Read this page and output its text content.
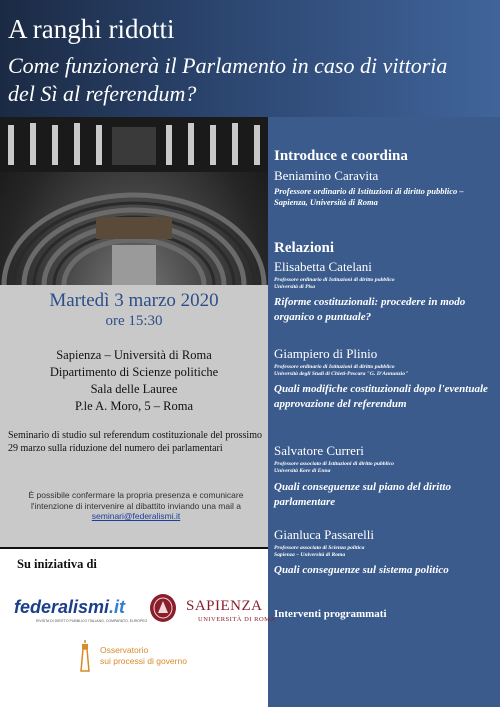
A ranghi ridotti
Come funzionerà il Parlamento in caso di vittoria del Sì al referendum?
Martedì 3 marzo 2020
ore 15:30
Sapienza – Università di Roma
Dipartimento di Scienze politiche
Sala delle Lauree
P.le A. Moro, 5 – Roma
Seminario di studio sul referendum costituzionale del prossimo 29 marzo sulla riduzione del numero dei parlamentari
È possibile confermare la propria presenza e comunicare l'intenzione di intervenire al dibattito inviando una mail a
seminari@federalismi.it
Su iniziativa di
federalismi.it
RIVISTA DI DIRITTO PUBBLICO ITALIANO, COMPARATO, EUROPEO
SAPIENZA
UNIVERSITÀ DI ROMA
Osservatorio
sui processi di governo
Introduce e coordina
Beniamino Caravita
Professore ordinario di Istituzioni di diritto pubblico – Sapienza, Università di Roma
Relazioni
Elisabetta Catelani
Professore ordinario di Istituzioni di diritto pubblico
Università di Pisa
Riforme costituzionali: procedere in modo organico o puntuale?
Giampiero di Plinio
Professore ordinario di Istituzioni di diritto pubblico
Università degli Studi di Chieti-Pescara "G. D'Annunzio"
Quali modifiche costituzionali dopo l'eventuale approvazione del referendum
Salvatore Curreri
Professore associato di Istituzioni di diritto pubblico
Università Kore di Enna
Quali conseguenze sul piano del diritto parlamentare
Gianluca Passarelli
Professore associato di Scienza politica
Sapienza – Università di Roma
Quali conseguenze sul sistema politico
Interventi programmati
